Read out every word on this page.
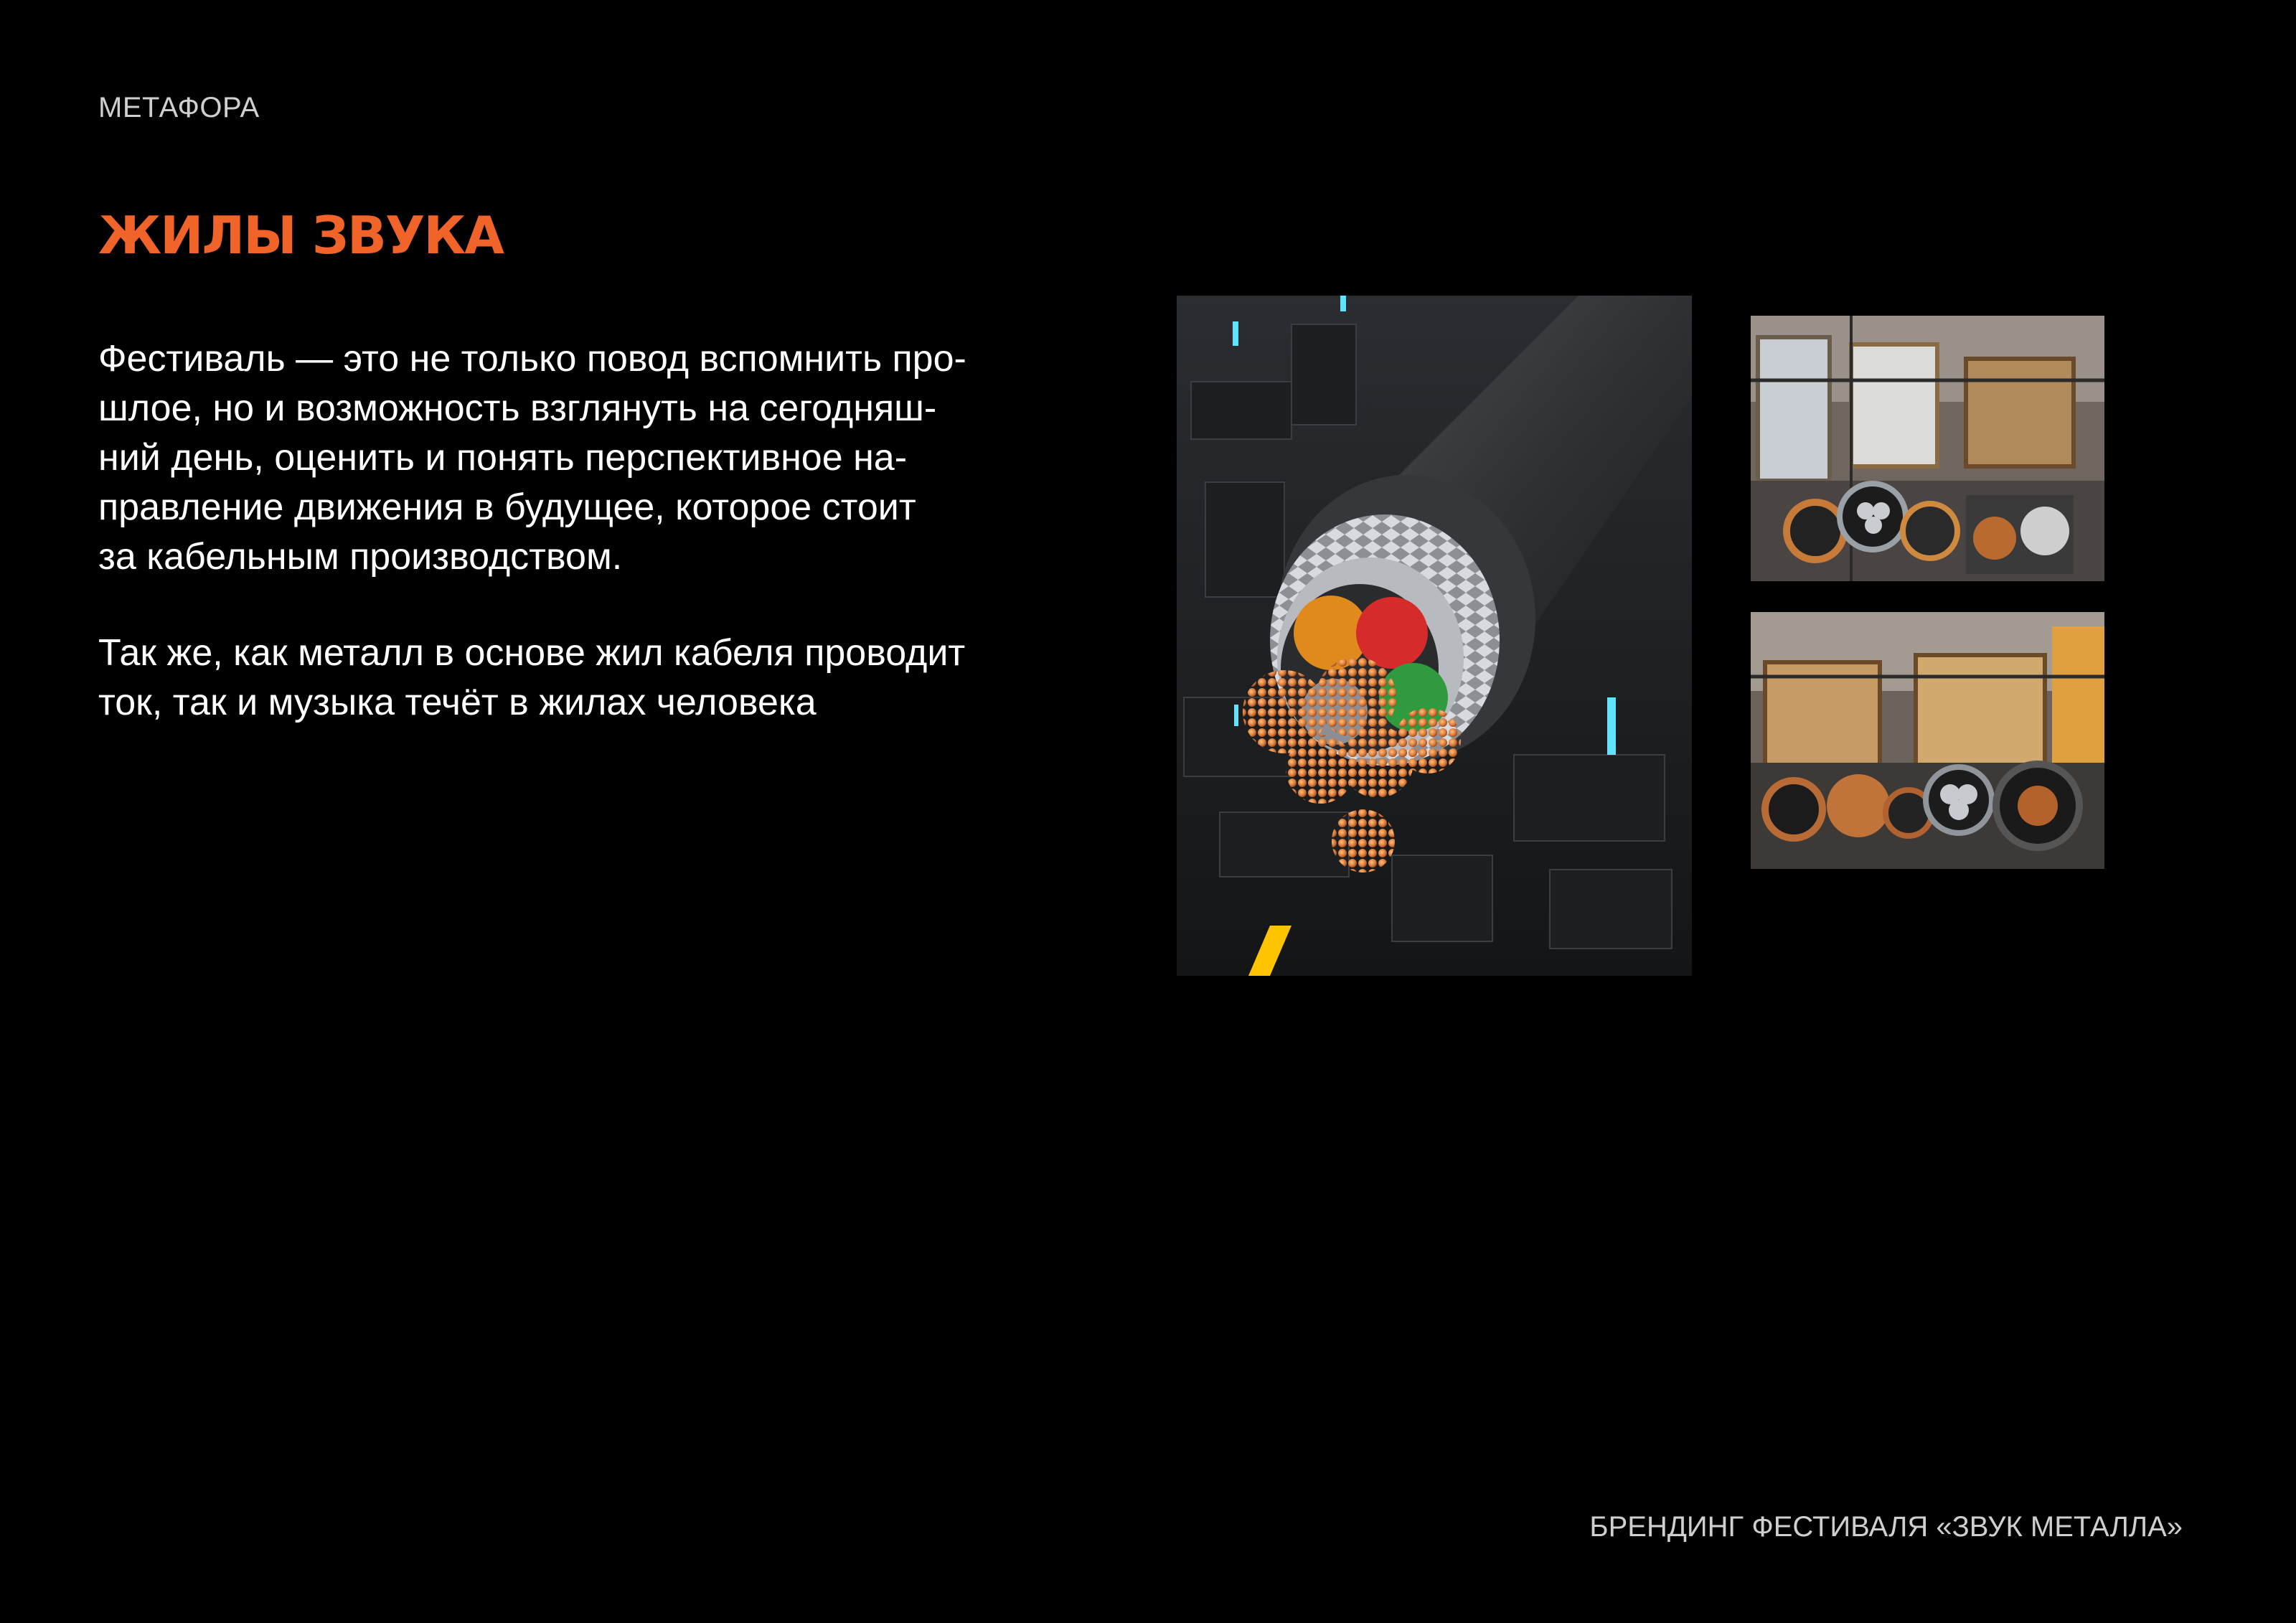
МЕТАФОРА
ЖИЛЫ ЗВУКА

Фестиваль — это не только повод вспомнить про-
шлое, но и возможность взглянуть на сегодняш-
ний день, оценить и понять перспективное на-
правление движения в будущее, которое стоит
за кабельным производством.

Так же, как металл в основе жил кабеля проводит
ток, так и музыка течёт в жилах человека

БРЕНДИНГ ФЕСТИВАЛЯ «ЗВУК МЕТАЛЛА»
